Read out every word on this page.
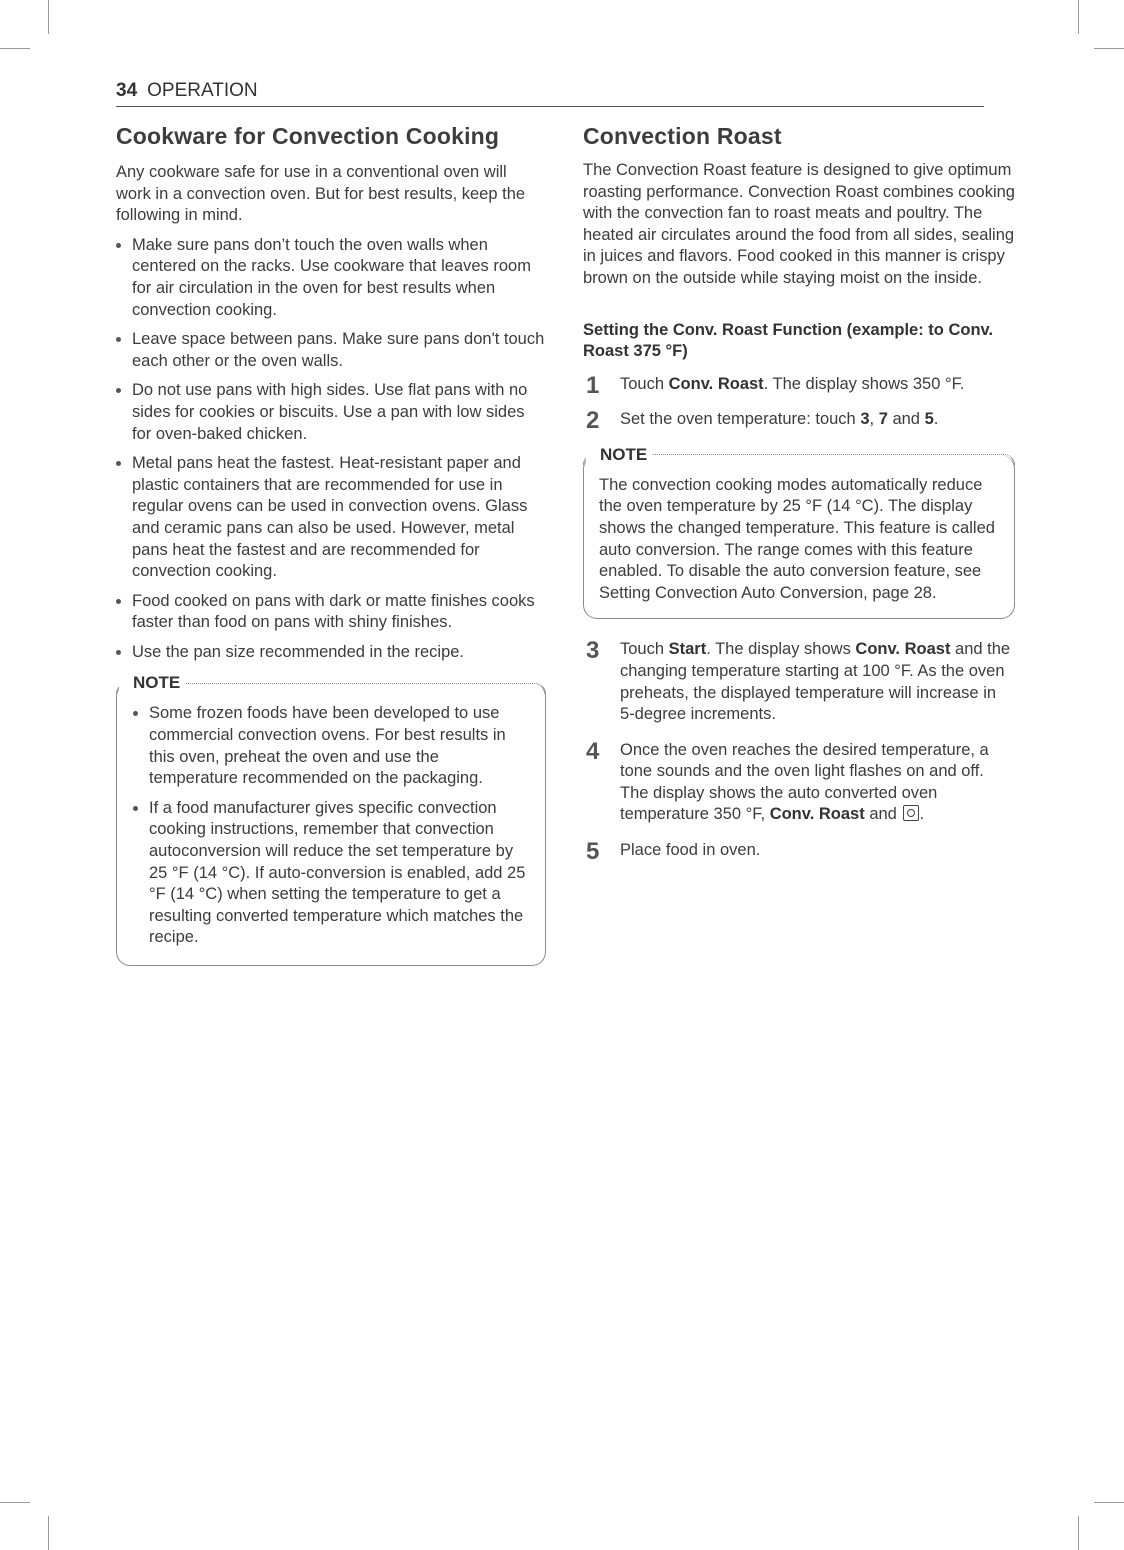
34 OPERATION
Cookware for Convection Cooking

Any cookware safe for use in a conventional oven will work in a convection oven. But for best results, keep the following in mind.

Make sure pans don’t touch the oven walls when centered on the racks. Use cookware that leaves room for air circulation in the oven for best results when convection cooking.
Leave space between pans. Make sure pans don't touch each other or the oven walls.
Do not use pans with high sides. Use flat pans with no sides for cookies or biscuits. Use a pan with low sides for oven-baked chicken.
Metal pans heat the fastest. Heat-resistant paper and plastic containers that are recommended for use in regular ovens can be used in convection ovens. Glass and ceramic pans can also be used. However, metal pans heat the fastest and are recommended for convection cooking.
Food cooked on pans with dark or matte finishes cooks faster than food on pans with shiny finishes.
Use the pan size recommended in the recipe.
NOTE
Some frozen foods have been developed to use commercial convection ovens. For best results in this oven, preheat the oven and use the temperature recommended on the packaging.
If a food manufacturer gives specific convection cooking instructions, remember that convection autoconversion will reduce the set temperature by 25 °F (14 °C). If auto-conversion is enabled, add 25 °F (14 °C) when setting the temperature to get a resulting converted temperature which matches the recipe.
Convection Roast

The Convection Roast feature is designed to give optimum roasting performance. Convection Roast combines cooking with the convection fan to roast meats and poultry. The heated air circulates around the food from all sides, sealing in juices and flavors. Food cooked in this manner is crispy brown on the outside while staying moist on the inside.

Setting the Conv. Roast Function (example: to Conv. Roast 375 °F)
1 Touch Conv. Roast. The display shows 350 °F.
2 Set the oven temperature: touch 3, 7 and 5.
NOTE

The convection cooking modes automatically reduce the oven temperature by 25 °F (14 °C). The display shows the changed temperature. This feature is called auto conversion. The range comes with this feature enabled. To disable the auto conversion feature, see Setting Convection Auto Conversion, page 28.

3 Touch Start. The display shows Conv. Roast and the changing temperature starting at 100 °F. As the oven preheats, the displayed temperature will increase in 5-degree increments.
4 Once the oven reaches the desired temperature, a tone sounds and the oven light flashes on and off. The display shows the auto converted oven temperature 350 °F, Conv. Roast and .
5 Place food in oven.
